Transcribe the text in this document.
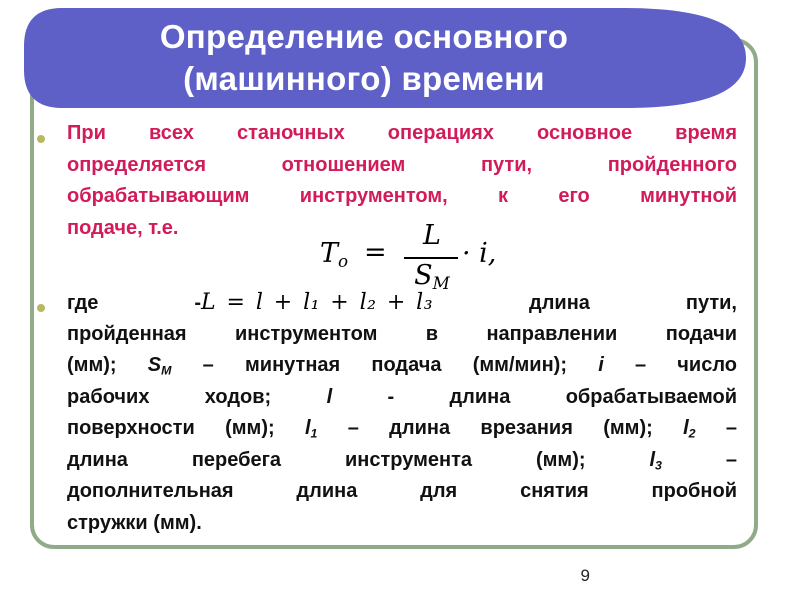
Определение основного
(машинного) времени
При всех станочных операциях основное время
определяется отношением пути, пройденного
обрабатывающим инструментом, к его минутной
подаче, т.е.
$T_o$ =
L
$S_M$
· i,
где -L = l + l₁ + l₂ + l₃	длина пути,
пройденная инструментом в направлении подачи
(мм); $S_M$ – минутная подача (мм/мин); i – число
рабочих ходов; l - длина обрабатываемой
поверхности (мм); $l_1$ – длина врезания (мм); $l_2$ –
длина перебега инструмента (мм); $l_3$ –
дополнительная длина для снятия пробной
стружки (мм).
9
